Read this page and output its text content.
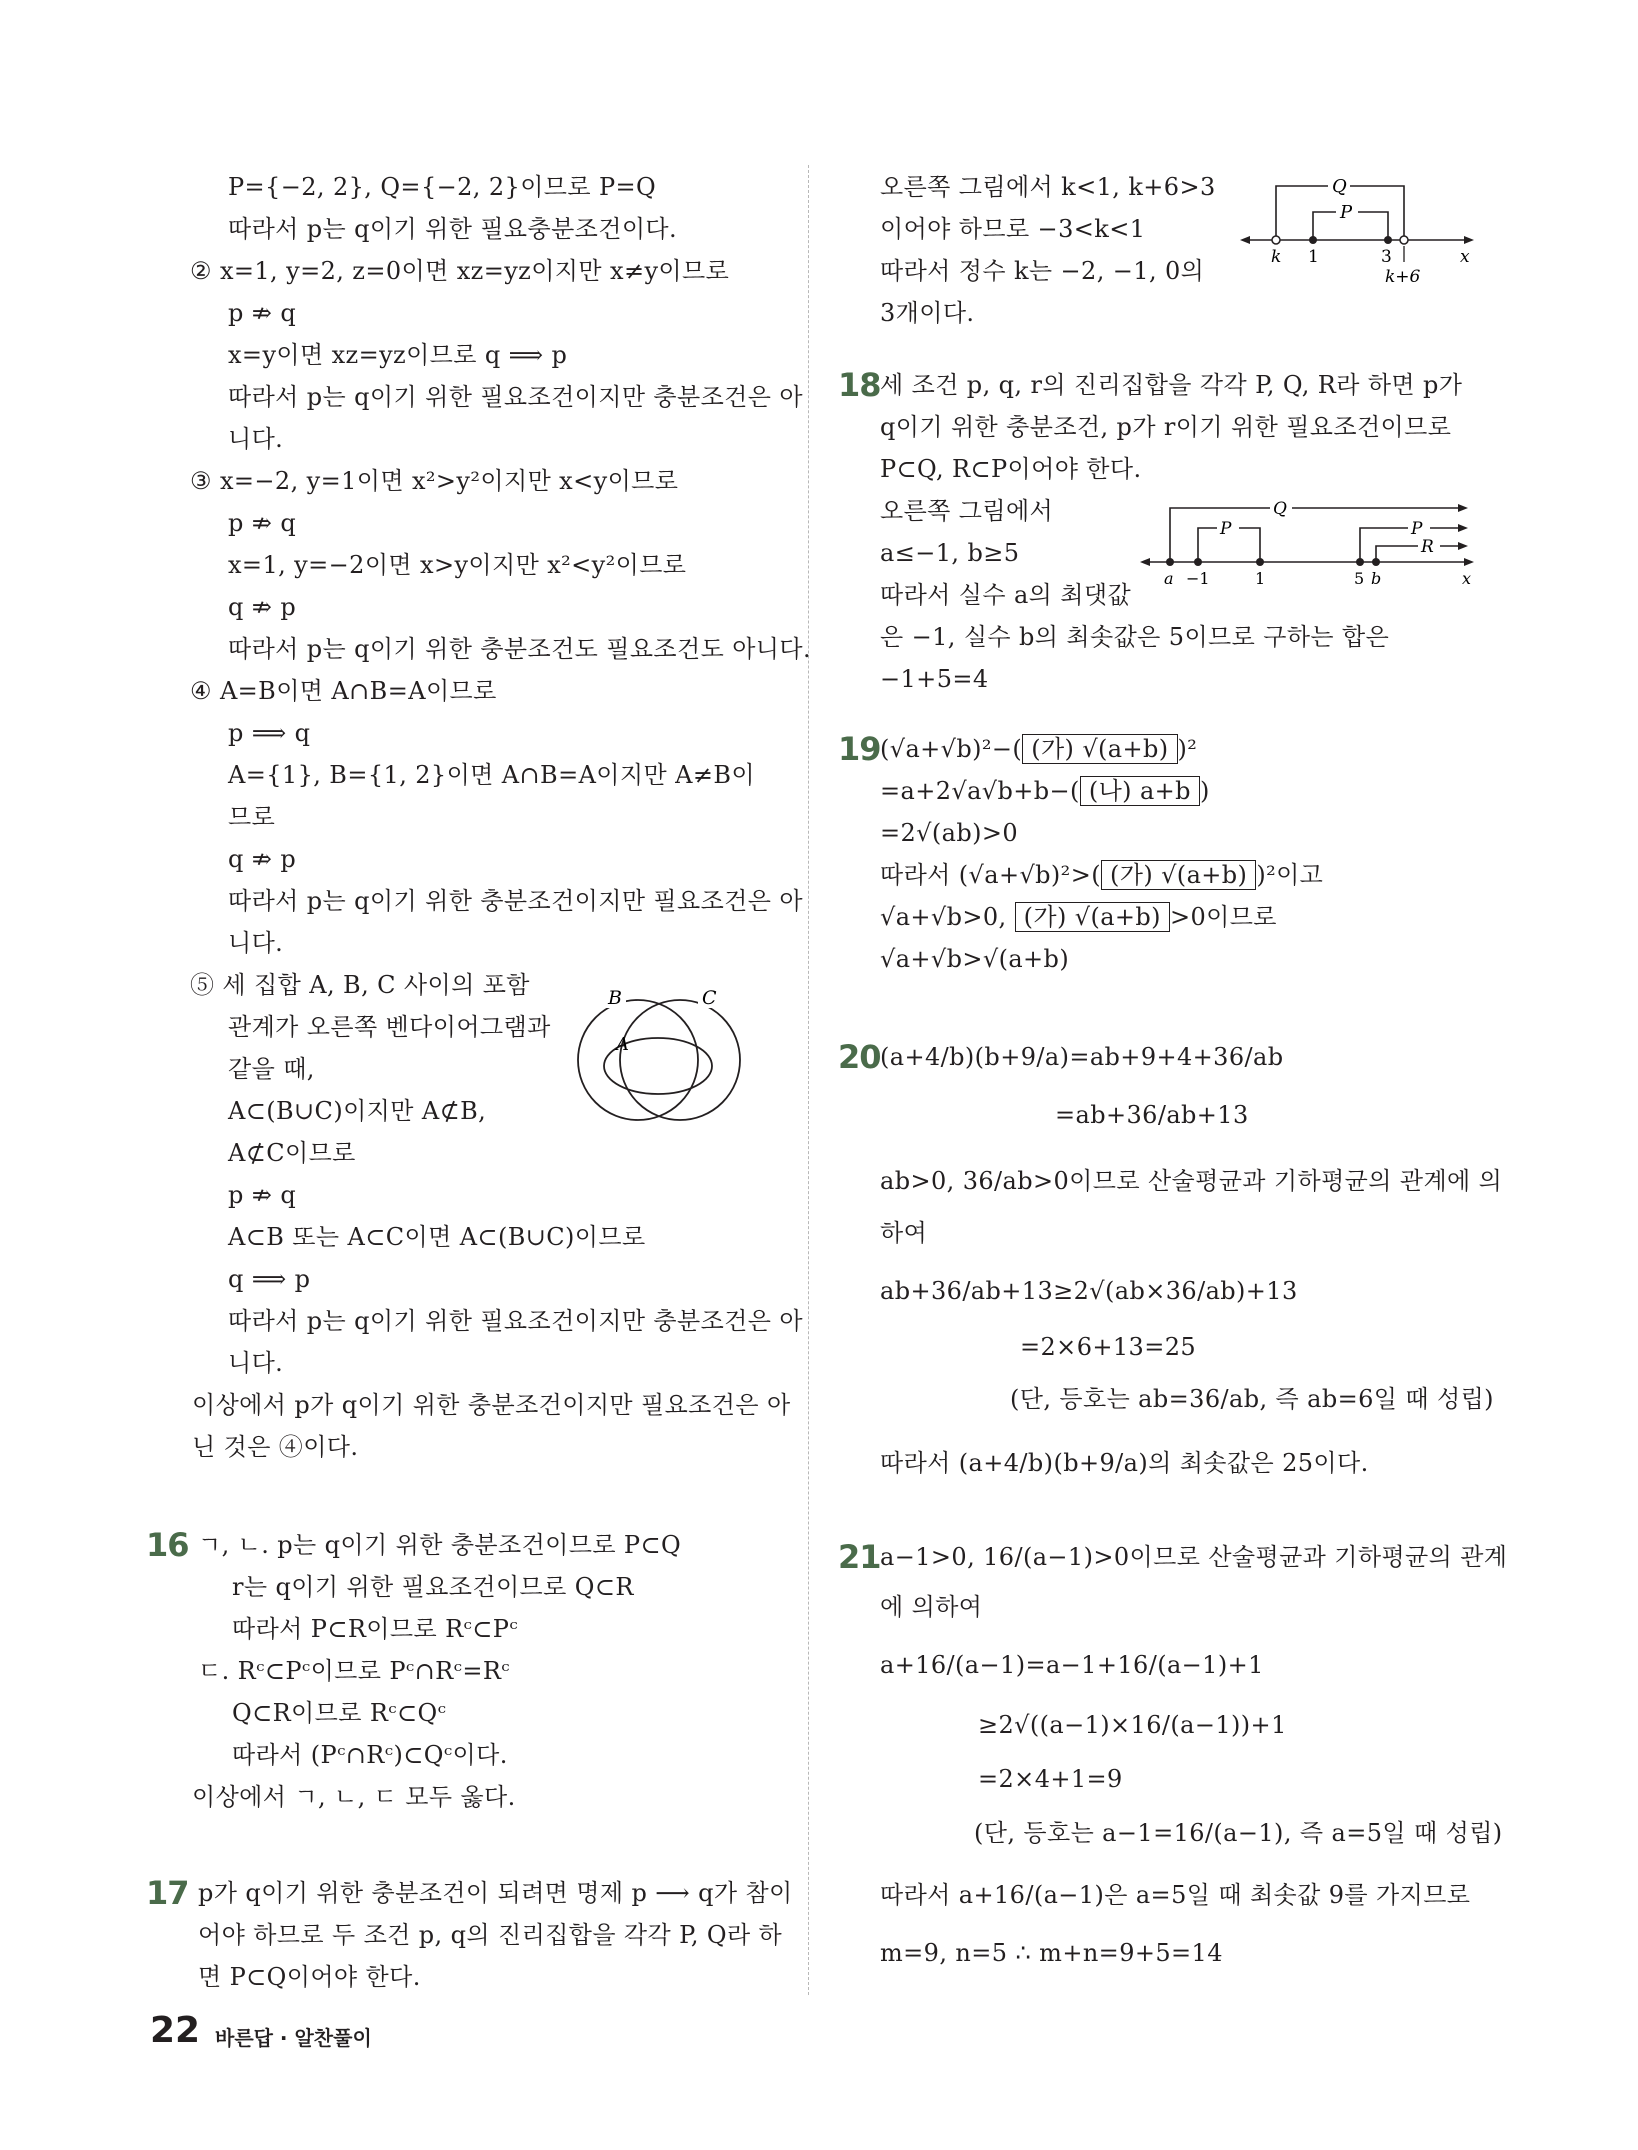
P={−2, 2}, Q={−2, 2}이므로 P=Q
따라서 p는 q이기 위한 필요충분조건이다.
② x=1, y=2, z=0이면 xz=yz이지만 x≠y이므로
p ⇏ q
x=y이면 xz=yz이므로 q ⟹ p
따라서 p는 q이기 위한 필요조건이지만 충분조건은 아
니다.
③ x=−2, y=1이면 x²>y²이지만 x<y이므로
p ⇏ q
x=1, y=−2이면 x>y이지만 x²<y²이므로
q ⇏ p
따라서 p는 q이기 위한 충분조건도 필요조건도 아니다.
④ A=B이면 A∩B=A이므로
p ⟹ q
A={1}, B={1, 2}이면 A∩B=A이지만 A≠B이
므로
q ⇏ p
따라서 p는 q이기 위한 충분조건이지만 필요조건은 아
니다.
⑤ 세 집합 A, B, C 사이의 포함
관계가 오른쪽 벤다이어그램과
같을 때,
A⊂(B∪C)이지만 A⊄B,
A⊄C이므로
p ⇏ q
A⊂B 또는 A⊂C이면 A⊂(B∪C)이므로
q ⟹ p
따라서 p는 q이기 위한 필요조건이지만 충분조건은 아
니다.
이상에서 p가 q이기 위한 충분조건이지만 필요조건은 아
닌 것은 ④이다.
B	C
A
16 ㄱ, ㄴ. p는 q이기 위한 충분조건이므로 P⊂Q
r는 q이기 위한 필요조건이므로 Q⊂R
따라서 P⊂R이므로 Rᶜ⊂Pᶜ
ㄷ. Rᶜ⊂Pᶜ이므로 Pᶜ∩Rᶜ=Rᶜ
Q⊂R이므로 Rᶜ⊂Qᶜ
따라서 (Pᶜ∩Rᶜ)⊂Qᶜ이다.
이상에서 ㄱ, ㄴ, ㄷ 모두 옳다.
17 p가 q이기 위한 충분조건이 되려면 명제 p ⟶ q가 참이
어야 하므로 두 조건 p, q의 진리집합을 각각 P, Q라 하
면 P⊂Q이어야 한다.
오른쪽 그림에서 k<1, k+6>3
이어야 하므로 −3<k<1
따라서 정수 k는 −2, −1, 0의
3개이다.
Q
P
k 1	3	x
k+6
18 세 조건 p, q, r의 진리집합을 각각 P, Q, R라 하면 p가
q이기 위한 충분조건, p가 r이기 위한 필요조건이므로
P⊂Q, R⊂P이어야 한다.
오른쪽 그림에서
a≤−1, b≥5
따라서 실수 a의 최댓값
은 −1, 실수 b의 최솟값은 5이므로 구하는 합은
−1+5=4
Q
P	P
R
a −1	1	5 b	x
19 (√a+√b)²−( (가) √(a+b) )²
=a+2√a√b+b−( (나) a+b )
=2√(ab)>0
따라서 (√a+√b)²>( (가) √(a+b) )²이고
√a+√b>0, (가) √(a+b) >0이므로
√a+√b>√(a+b)
20 (a+4/b)(b+9/a)=ab+9+4+36/ab
=ab+36/ab+13
ab>0, 36/ab>0이므로 산술평균과 기하평균의 관계에 의
하여
ab+36/ab+13≥2√(ab×36/ab)+13
=2×6+13=25
(단, 등호는 ab=36/ab, 즉 ab=6일 때 성립)
따라서 (a+4/b)(b+9/a)의 최솟값은 25이다.
21 a−1>0, 16/(a−1)>0이므로 산술평균과 기하평균의 관계
에 의하여
a+16/(a−1)=a−1+16/(a−1)+1
≥2√((a−1)×16/(a−1))+1
=2×4+1=9
(단, 등호는 a−1=16/(a−1), 즉 a=5일 때 성립)
따라서 a+16/(a−1)은 a=5일 때 최솟값 9를 가지므로
m=9, n=5 ∴ m+n=9+5=14
22 바른답 · 알찬풀이
